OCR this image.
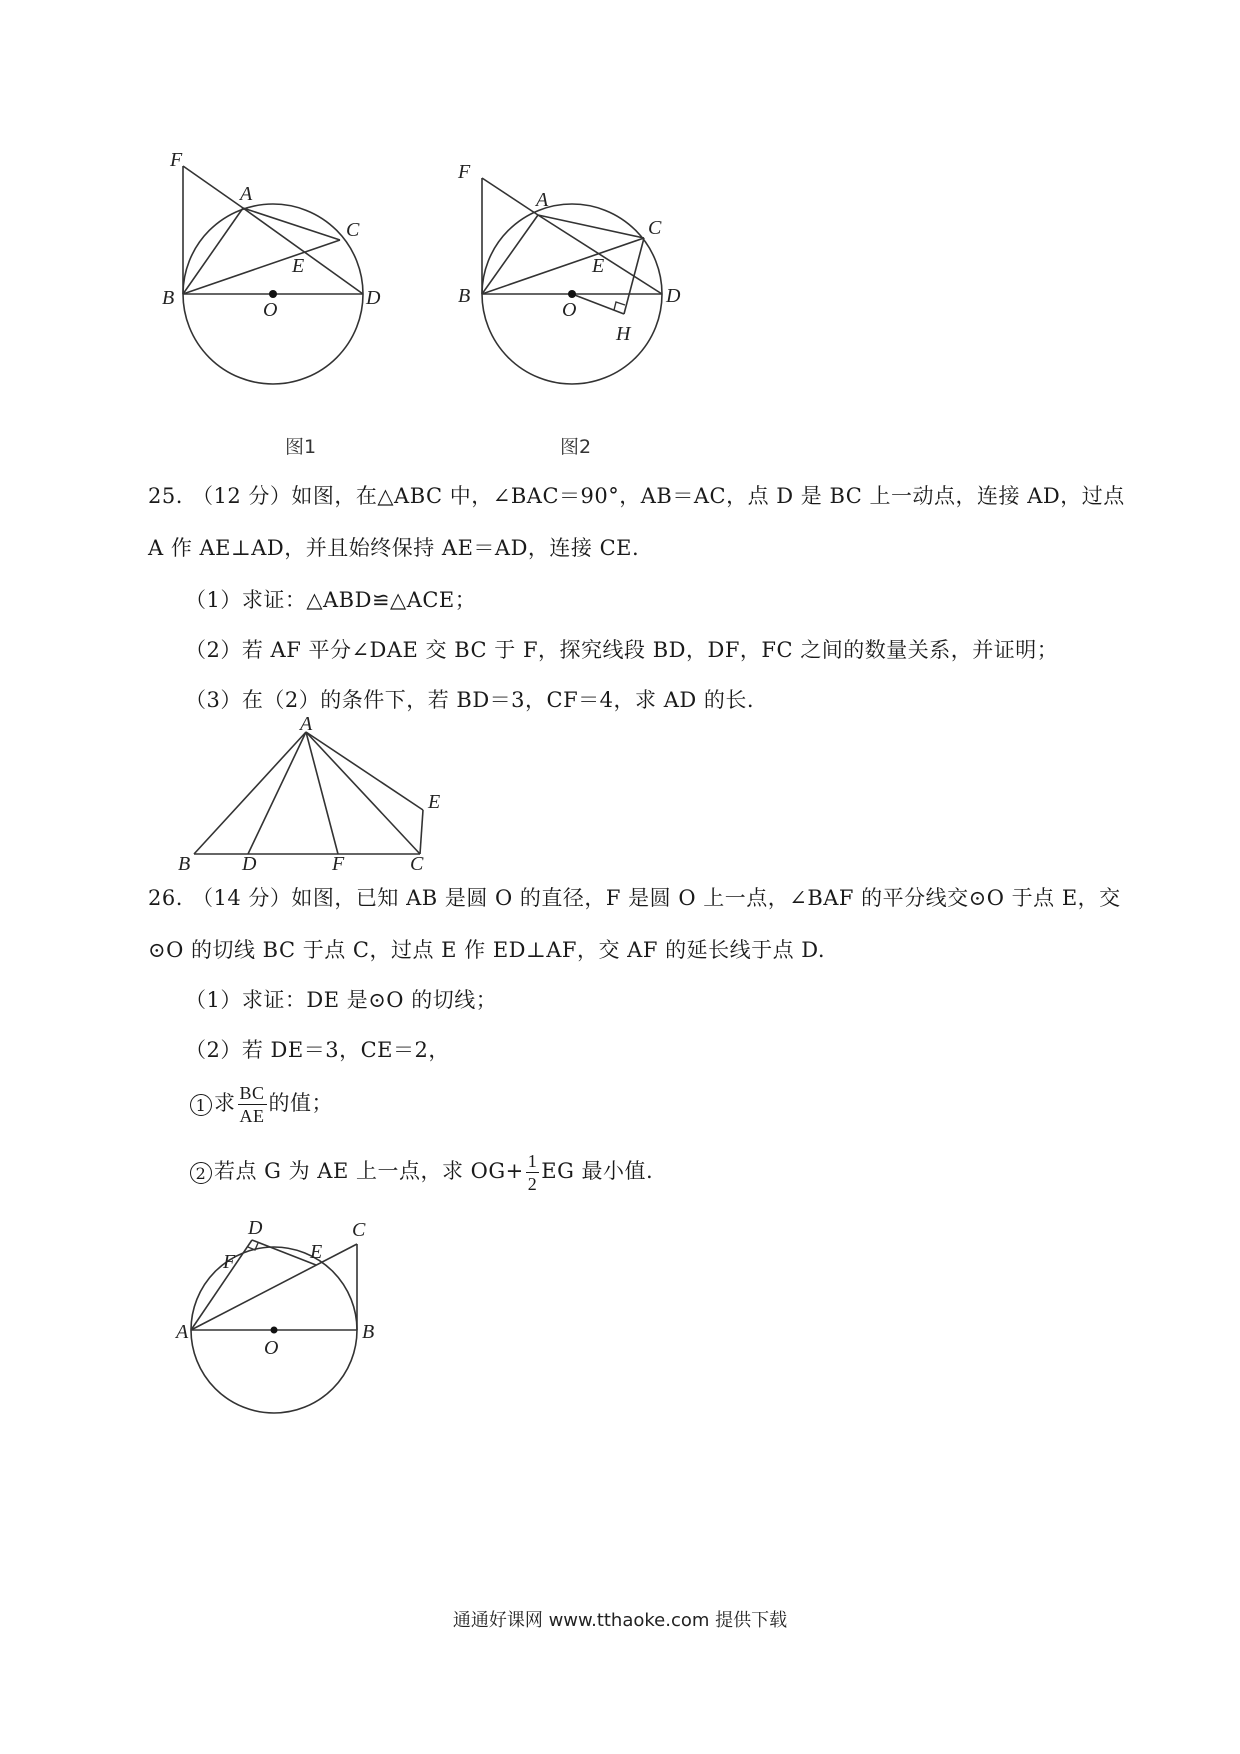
F
A
C
E
B	D
O
图1
F
A
C
E
B	D
O
H
图2
25. （12 分）如图，在△ABC 中，∠BAC＝90°，AB＝AC，点 D 是 BC 上一动点，连接 AD，过点
A 作 AE⊥AD，并且始终保持 AE＝AD，连接 CE.
（1）求证：△ABD≌△ACE；
（2）若 AF 平分∠DAE 交 BC 于 F，探究线段 BD，DF，FC 之间的数量关系，并证明；
（3）在（2）的条件下，若 BD＝3，CF＝4，求 AD 的长.
A
B	D	F	C
E
26. （14 分）如图，已知 AB 是圆 O 的直径，F 是圆 O 上一点，∠BAF 的平分线交⊙O 于点 E，交
⊙O 的切线 BC 于点 C，过点 E 作 ED⊥AF，交 AF 的延长线于点 D.
（1）求证：DE 是⊙O 的切线；
（2）若 DE＝3，CE＝2，
1 求 $\frac{BC}{AE}$ 的值；
2 若点 G 为 AE 上一点，求 $OG+ \frac{1}{2}$ EG 最小值.
D
F	E
C
A	B
O
通通好课网 www.tthaoke.com 提供下载
